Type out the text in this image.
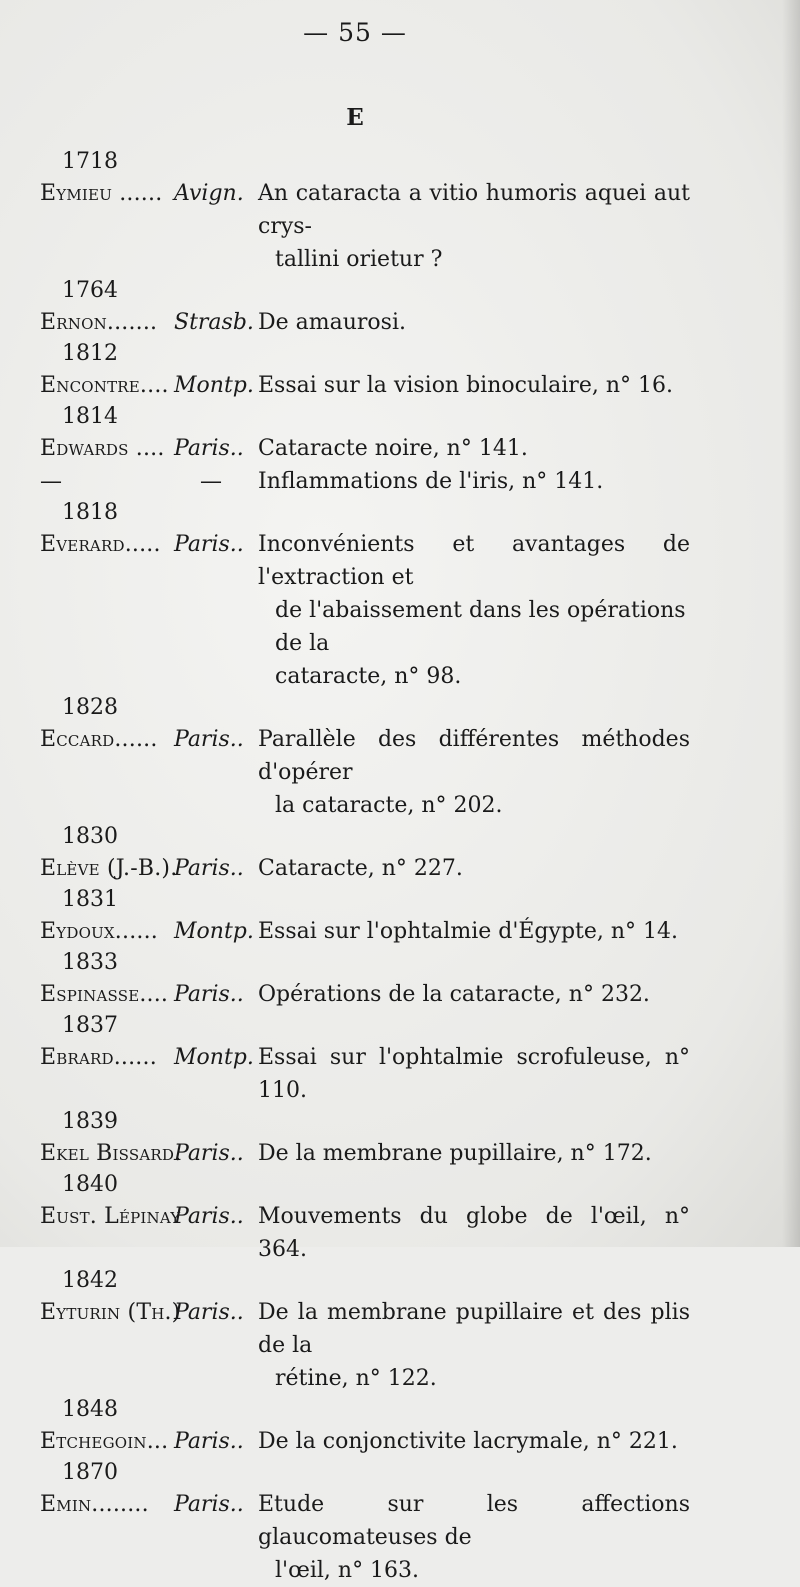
— 55 —
E
1718
Eymieu ...... Avign. An cataracta a vitio humoris aquei aut crys-
tallini orietur ?
1764
Ernon....... Strasb. De amaurosi.
1812
Encontre.... Montp. Essai sur la vision binoculaire, n° 16.
1814
Edwards .... Paris.. Cataracte noire, n° 141.
—	— Inflammations de l'iris, n° 141.
1818
Everard..... Paris.. Inconvénients et avantages de l'extraction et
de l'abaissement dans les opérations de la
cataracte, n° 98.
1828
Eccard...... Paris.. Parallèle des différentes méthodes d'opérer
la cataracte, n° 202.
1830
Elève (J.-B.).
Paris.. Cataracte, n° 227.
1831
Eydoux...... Montp. Essai sur l'ophtalmie d'Égypte, n° 14.
1833
Espinasse.... Paris.. Opérations de la cataracte, n° 232.
1837
Ebrard...... Montp. Essai sur l'ophtalmie scrofuleuse, n° 110.
1839
Ekel Bissard.
Paris.. De la membrane pupillaire, n° 172.
1840
Eust. Lépinay
Paris.. Mouvements du globe de l'œil, n° 364.
1842
Eyturin (Th.)
Paris.. De la membrane pupillaire et des plis de la
rétine, n° 122.
1848
Etchegoin... Paris.. De la conjonctivite lacrymale, n° 221.
1870
Emin........ Paris.. Etude sur les affections glaucomateuses de
l'œil, n° 163.
